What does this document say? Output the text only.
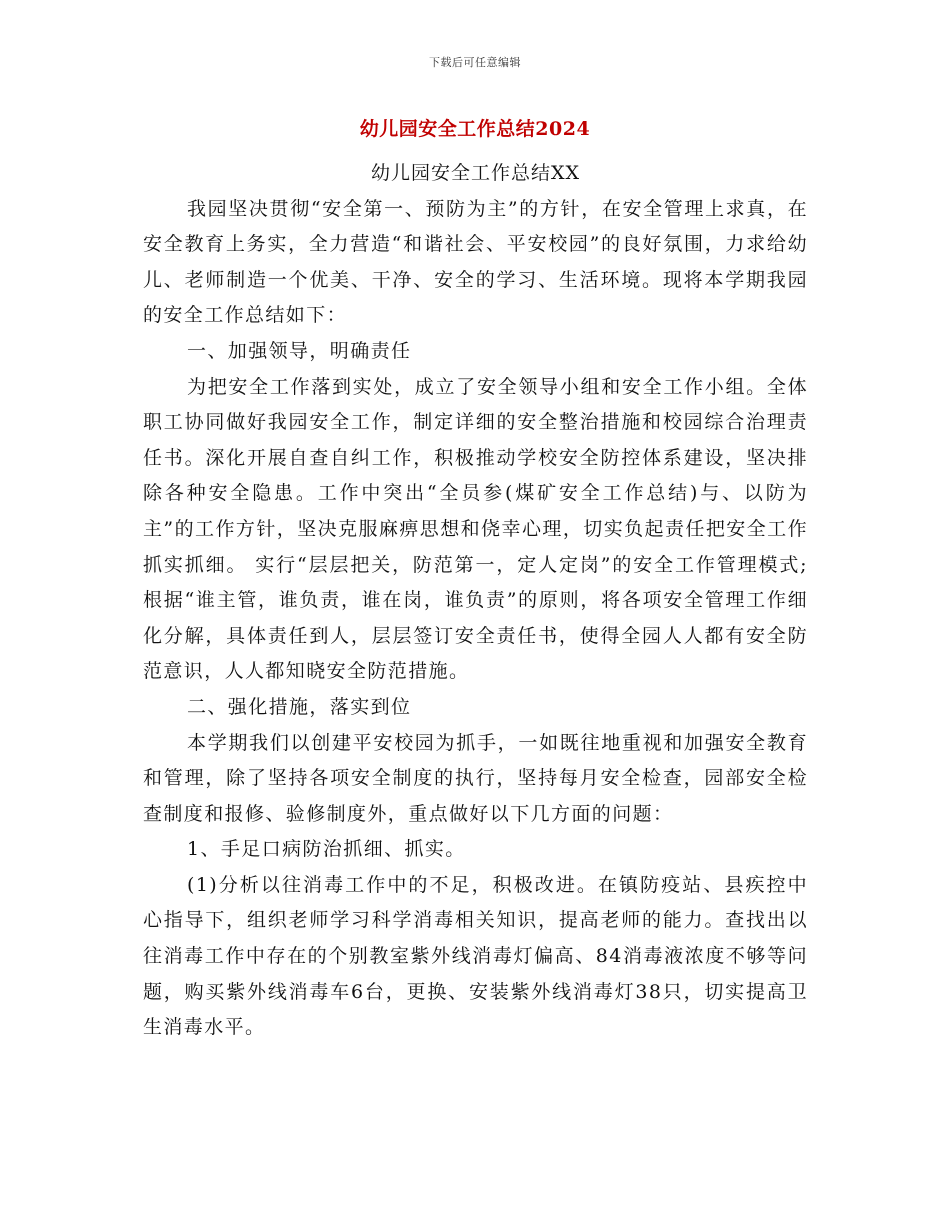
下载后可任意编辑
幼儿园安全工作总结2024

幼儿园安全工作总结XX

我园坚决贯彻“安全第一、预防为主”的方针，在安全管理上求真，在安全教育上务实，全力营造“和谐社会、平安校园”的良好氛围，力求给幼儿、老师制造一个优美、干净、安全的学习、生活环境。现将本学期我园的安全工作总结如下：

一、加强领导，明确责任

为把安全工作落到实处，成立了安全领导小组和安全工作小组。全体职工协同做好我园安全工作，制定详细的安全整治措施和校园综合治理责任书。深化开展自查自纠工作，积极推动学校安全防控体系建设，坚决排除各种安全隐患。工作中突出“全员参(煤矿安全工作总结)与、以防为主”的工作方针，坚决克服麻痹思想和侥幸心理，切实负起责任把安全工作抓实抓细。 实行“层层把关，防范第一，定人定岗”的安全工作管理模式;根据“谁主管，谁负责，谁在岗，谁负责”的原则，将各项安全管理工作细化分解，具体责任到人，层层签订安全责任书，使得全园人人都有安全防范意识，人人都知晓安全防范措施。

二、强化措施，落实到位

本学期我们以创建平安校园为抓手，一如既往地重视和加强安全教育和管理，除了坚持各项安全制度的执行，坚持每月安全检查，园部安全检查制度和报修、验修制度外，重点做好以下几方面的问题：

1、手足口病防治抓细、抓实。

(1)分析以往消毒工作中的不足，积极改进。在镇防疫站、县疾控中心指导下，组织老师学习科学消毒相关知识，提高老师的能力。查找出以往消毒工作中存在的个别教室紫外线消毒灯偏高、84消毒液浓度不够等问题，购买紫外线消毒车6台，更换、安装紫外线消毒灯38只，切实提高卫生消毒水平。
